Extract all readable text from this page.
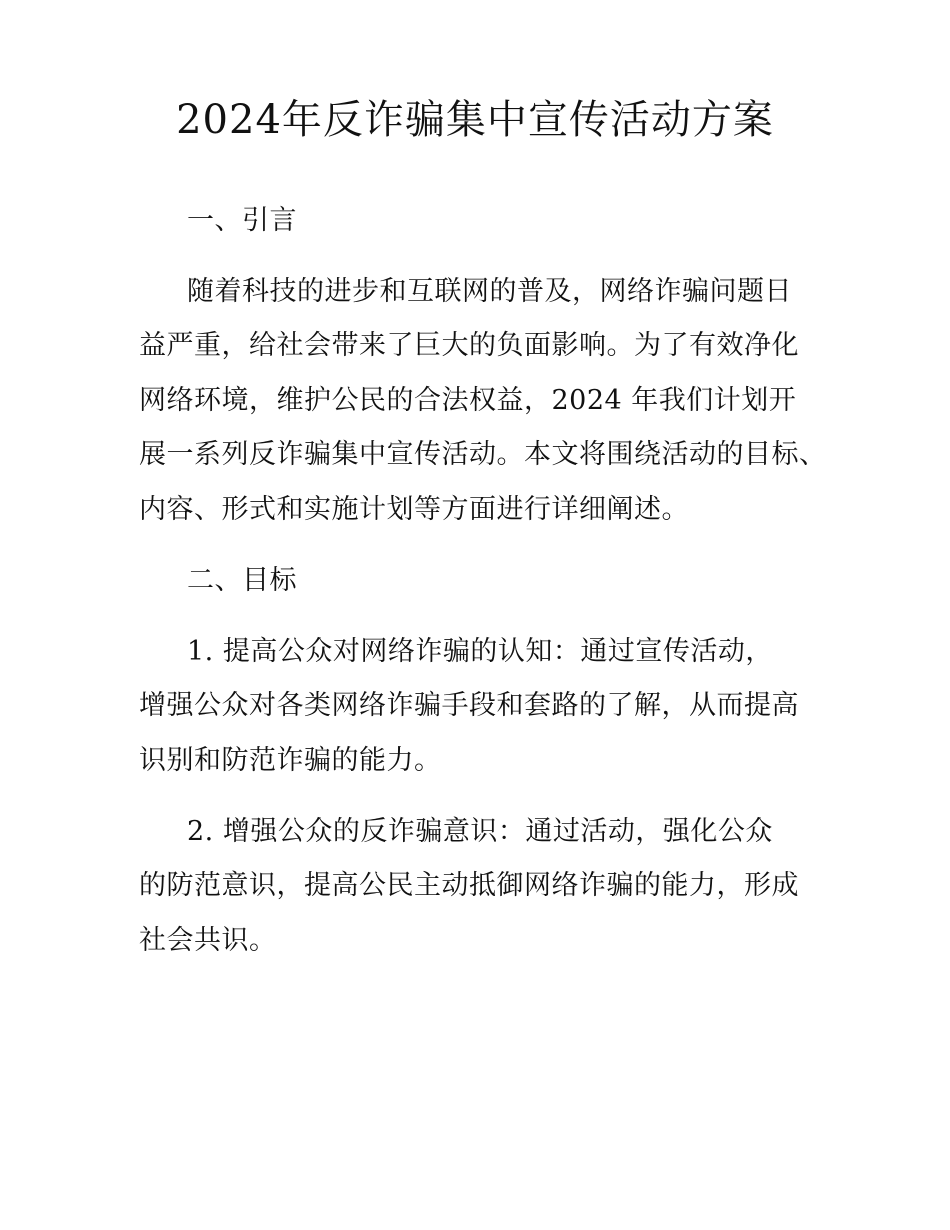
2024年反诈骗集中宣传活动方案
一、引言
随着科技的进步和互联网的普及，网络诈骗问题日
益严重，给社会带来了巨大的负面影响。为了有效净化
网络环境，维护公民的合法权益，2024 年我们计划开
展一系列反诈骗集中宣传活动。本文将围绕活动的目标、
内容、形式和实施计划等方面进行详细阐述。
二、目标
1. 提高公众对网络诈骗的认知：通过宣传活动，
增强公众对各类网络诈骗手段和套路的了解，从而提高
识别和防范诈骗的能力。
2. 增强公众的反诈骗意识：通过活动，强化公众
的防范意识，提高公民主动抵御网络诈骗的能力，形成
社会共识。
